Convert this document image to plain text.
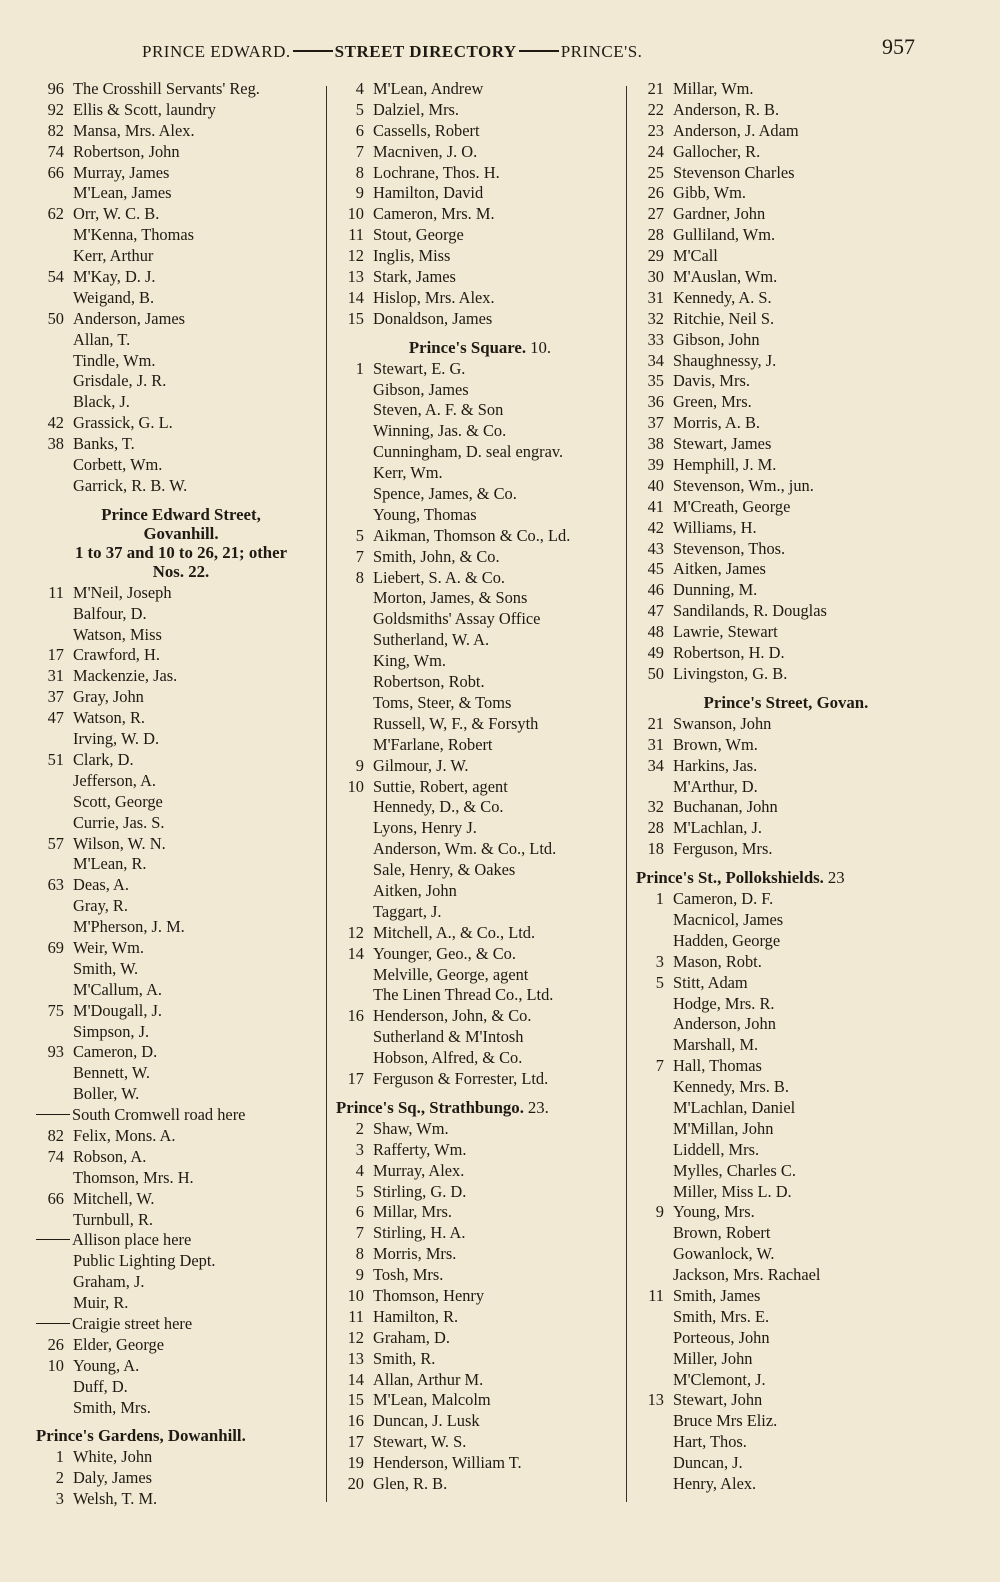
PRINCE EDWARD.	STREET DIRECTORY	PRINCE'S.	957
96 The Crosshill Servants' Reg.
92 Ellis & Scott, laundry
82 Mansa, Mrs. Alex.
74 Robertson, John
66 Murray, James
M'Lean, James
62 Orr, W. C. B.
M'Kenna, Thomas
Kerr, Arthur
54 M'Kay, D. J.
Weigand, B.
50 Anderson, James
Allan, T.
Tindle, Wm.
Grisdale, J. R.
Black, J.
42 Grassick, G. L.
38 Banks, T.
Corbett, Wm.
Garrick, R. B. W.
Prince Edward Street,
Govanhill.
1 to 37 and 10 to 26, 21; other
Nos. 22.
11 M'Neil, Joseph
Balfour, D.
Watson, Miss
17 Crawford, H.
31 Mackenzie, Jas.
37 Gray, John
47 Watson, R.
Irving, W. D.
51 Clark, D.
Jefferson, A.
Scott, George
Currie, Jas. S.
57 Wilson, W. N.
M'Lean, R.
63 Deas, A.
Gray, R.
M'Pherson, J. M.
69 Weir, Wm.
Smith, W.
M'Callum, A.
75 M'Dougall, J.
Simpson, J.
93 Cameron, D.
Bennett, W.
Boller, W.
South Cromwell road here
82 Felix, Mons. A.
74 Robson, A.
Thomson, Mrs. H.
66 Mitchell, W.
Turnbull, R.
Allison place here
Public Lighting Dept.
Graham, J.
Muir, R.
Craigie street here
26 Elder, George
10 Young, A.
Duff, D.
Smith, Mrs.
Prince's Gardens, Dowanhill.
1 White, John
2 Daly, James
3 Welsh, T. M.
4 M'Lean, Andrew
5 Dalziel, Mrs.
6 Cassells, Robert
7 Macniven, J. O.
8 Lochrane, Thos. H.
9 Hamilton, David
10 Cameron, Mrs. M.
11 Stout, George
12 Inglis, Miss
13 Stark, James
14 Hislop, Mrs. Alex.
15 Donaldson, James
Prince's Square. 10.
1 Stewart, E. G.
Gibson, James
Steven, A. F. & Son
Winning, Jas. & Co.
Cunningham, D. seal engrav.
Kerr, Wm.
Spence, James, & Co.
Young, Thomas
5 Aikman, Thomson & Co., Ld.
7 Smith, John, & Co.
8 Liebert, S. A. & Co.
Morton, James, & Sons
Goldsmiths' Assay Office
Sutherland, W. A.
King, Wm.
Robertson, Robt.
Toms, Steer, & Toms
Russell, W, F., & Forsyth
M'Farlane, Robert
9 Gilmour, J. W.
10 Suttie, Robert, agent
Hennedy, D., & Co.
Lyons, Henry J.
Anderson, Wm. & Co., Ltd.
Sale, Henry, & Oakes
Aitken, John
Taggart, J.
12 Mitchell, A., & Co., Ltd.
14 Younger, Geo., & Co.
Melville, George, agent
The Linen Thread Co., Ltd.
16 Henderson, John, & Co.
Sutherland & M'Intosh
Hobson, Alfred, & Co.
17 Ferguson & Forrester, Ltd.
Prince's Sq., Strathbungo. 23.
2 Shaw, Wm.
3 Rafferty, Wm.
4 Murray, Alex.
5 Stirling, G. D.
6 Millar, Mrs.
7 Stirling, H. A.
8 Morris, Mrs.
9 Tosh, Mrs.
10 Thomson, Henry
11 Hamilton, R.
12 Graham, D.
13 Smith, R.
14 Allan, Arthur M.
15 M'Lean, Malcolm
16 Duncan, J. Lusk
17 Stewart, W. S.
19 Henderson, William T.
20 Glen, R. B.
21 Millar, Wm.
22 Anderson, R. B.
23 Anderson, J. Adam
24 Gallocher, R.
25 Stevenson Charles
26 Gibb, Wm.
27 Gardner, John
28 Gulliland, Wm.
29 M'Call
30 M'Auslan, Wm.
31 Kennedy, A. S.
32 Ritchie, Neil S.
33 Gibson, John
34 Shaughnessy, J.
35 Davis, Mrs.
36 Green, Mrs.
37 Morris, A. B.
38 Stewart, James
39 Hemphill, J. M.
40 Stevenson, Wm., jun.
41 M'Creath, George
42 Williams, H.
43 Stevenson, Thos.
45 Aitken, James
46 Dunning, M.
47 Sandilands, R. Douglas
48 Lawrie, Stewart
49 Robertson, H. D.
50 Livingston, G. B.
Prince's Street, Govan.
21 Swanson, John
31 Brown, Wm.
34 Harkins, Jas.
M'Arthur, D.
32 Buchanan, John
28 M'Lachlan, J.
18 Ferguson, Mrs.
Prince's St., Pollokshields. 23
1 Cameron, D. F.
Macnicol, James
Hadden, George
3 Mason, Robt.
5 Stitt, Adam
Hodge, Mrs. R.
Anderson, John
Marshall, M.
7 Hall, Thomas
Kennedy, Mrs. B.
M'Lachlan, Daniel
M'Millan, John
Liddell, Mrs.
Mylles, Charles C.
Miller, Miss L. D.
9 Young, Mrs.
Brown, Robert
Gowanlock, W.
Jackson, Mrs. Rachael
11 Smith, James
Smith, Mrs. E.
Porteous, John
Miller, John
M'Clemont, J.
13 Stewart, John
Bruce Mrs Eliz.
Hart, Thos.
Duncan, J.
Henry, Alex.
